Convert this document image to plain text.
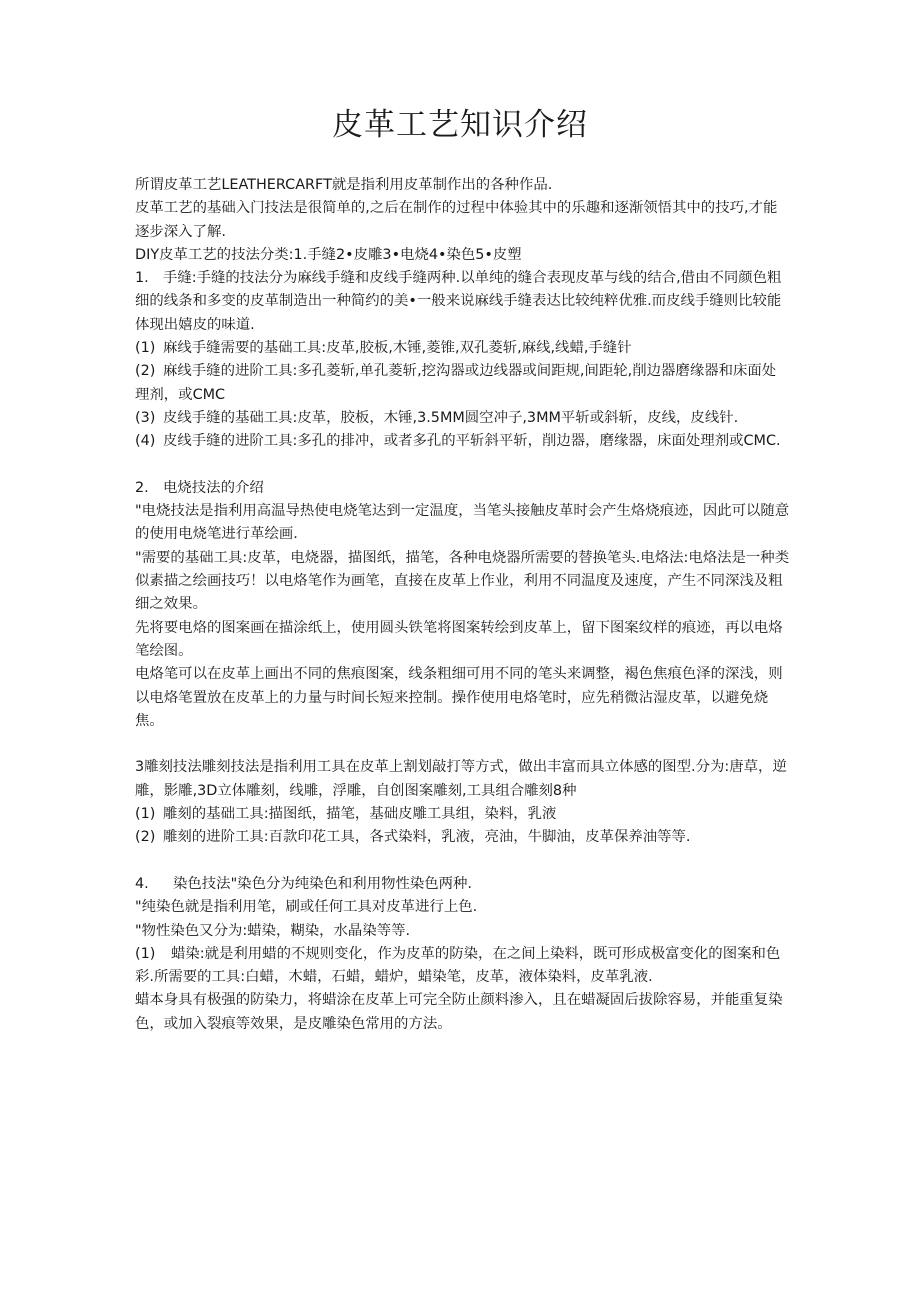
皮革工艺知识介绍

所谓皮革工艺LEATHERCARFT就是指利用皮革制作出的各种作品.

皮革工艺的基础入门技法是很简单的,之后在制作的过程中体验其中的乐趣和逐渐领悟其中的技巧,才能逐步深入了解.

DIY皮革工艺的技法分类:1.手缝2•皮雕3•电烧4•染色5•皮塑

1. 手缝:手缝的技法分为麻线手缝和皮线手缝两种.以单纯的缝合表现皮革与线的结合,借由不同颜色粗细的线条和多变的皮革制造出一种简约的美•一般来说麻线手缝表达比较纯粹优雅.而皮线手缝则比较能体现出嬉皮的味道.

(1) 麻线手缝需要的基础工具:皮革,胶板,木锤,菱锥,双孔菱斩,麻线,线蜡,手缝针

(2) 麻线手缝的进阶工具:多孔菱斩,单孔菱斩,挖沟器或边线器或间距规,间距轮,削边器磨缘器和床面处理剂，或CMC

(3) 皮线手缝的基础工具:皮革，胶板，木锤,3.5MM圆空冲子,3MM平斩或斜斩，皮线，皮线针.

(4) 皮线手缝的进阶工具:多孔的排冲，或者多孔的平斩斜平斩，削边器，磨缘器，床面处理剂或CMC.

2. 电烧技法的介绍

"电烧技法是指利用高温导热使电烧笔达到一定温度，当笔头接触皮革时会产生烙烧痕迹，因此可以随意的使用电烧笔进行革绘画.

"需要的基础工具:皮革，电烧器，描图纸，描笔，各种电烧器所需要的替换笔头.电烙法:电烙法是一种类似素描之绘画技巧！以电烙笔作为画笔，直接在皮革上作业，利用不同温度及速度，产生不同深浅及粗细之效果。

先将要电烙的图案画在描涂纸上，使用圆头铁笔将图案转绘到皮革上，留下图案纹样的痕迹，再以电烙笔绘图。

电烙笔可以在皮革上画出不同的焦痕图案，线条粗细可用不同的笔头来调整，褐色焦痕色泽的深浅，则以电烙笔置放在皮革上的力量与时间长短来控制。操作使用电烙笔时，应先稍微沾湿皮革，以避免烧焦。

3雕刻技法雕刻技法是指利用工具在皮革上割划敲打等方式，做出丰富而具立体感的图型.分为:唐草，逆雕，影雕,3D立体雕刻，线雕，浮雕，自创图案雕刻,工具组合雕刻8种

(1) 雕刻的基础工具:描图纸，描笔，基础皮雕工具组，染料，乳液

(2) 雕刻的进阶工具:百款印花工具，各式染料，乳液，亮油，牛脚油，皮革保养油等等.

4. 染色技法"染色分为纯染色和利用物性染色两种.

"纯染色就是指利用笔，刷或任何工具对皮革进行上色.

"物性染色又分为:蜡染，糊染，水晶染等等.

(1) 蜡染:就是利用蜡的不规则变化，作为皮革的防染，在之间上染料，既可形成极富变化的图案和色彩.所需要的工具:白蜡，木蜡，石蜡，蜡炉，蜡染笔，皮革，液体染料，皮革乳液.

蜡本身具有极强的防染力，将蜡涂在皮革上可完全防止颜料渗入，且在蜡凝固后拔除容易，并能重复染色，或加入裂痕等效果，是皮雕染色常用的方法。
